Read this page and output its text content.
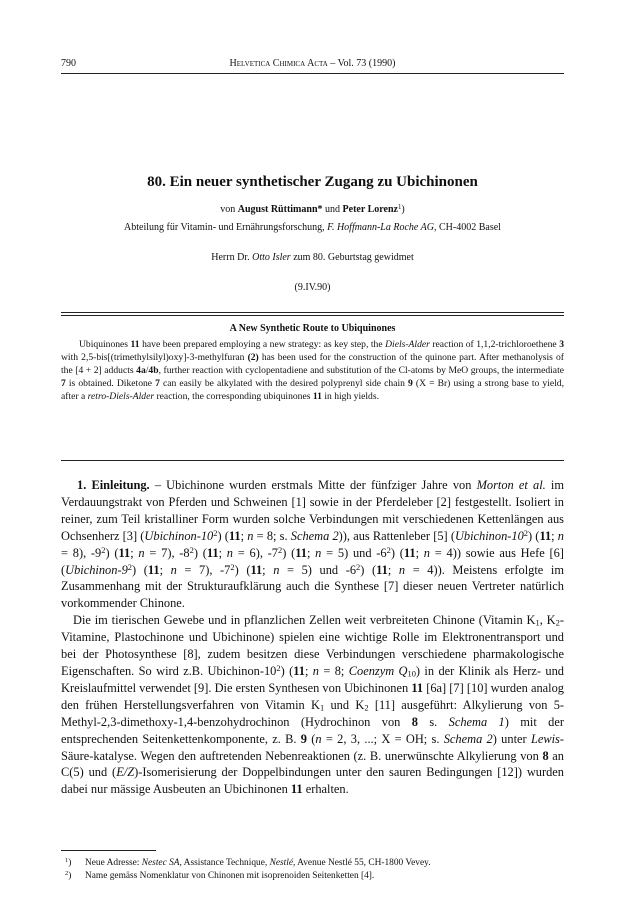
790	Helvetica Chimica Acta – Vol. 73 (1990)
80. Ein neuer synthetischer Zugang zu Ubichinonen
von August Rüttimann* und Peter Lorenz$^1$)
Abteilung für Vitamin- und Ernährungsforschung, F. Hoffmann-La Roche AG, CH-4002 Basel
Herrn Dr. Otto Isler zum 80. Geburtstag gewidmet
(9.IV.90)
A New Synthetic Route to Ubiquinones
Ubiquinones 11 have been prepared employing a new strategy: as key step, the Diels-Alder reaction of 1,1,2-trichloroethene 3 with 2,5-bis[(trimethylsilyl)oxy]-3-methylfuran (2) has been used for the construction of the quinone part. After methanolysis of the [4 + 2] adducts 4a/4b, further reaction with cyclopentadiene and substitution of the Cl-atoms by MeO groups, the intermediate 7 is obtained. Diketone 7 can easily be alkylated with the desired polyprenyl side chain 9 (X = Br) using a strong base to yield, after a retro-Diels-Alder reaction, the corresponding ubiquinones 11 in high yields.

1. Einleitung. – Ubichinone wurden erstmals Mitte der fünfziger Jahre von Morton et al. im Verdauungstrakt von Pferden und Schweinen [1] sowie in der Pferdeleber [2] festgestellt. Isoliert in reiner, zum Teil kristalliner Form wurden solche Verbindungen mit verschiedenen Kettenlängen aus Ochsenherz [3] $(Ubichinon-10^2)$ (11; n = 8; s. Schema 2)), aus Rattenleber [5] $(Ubichinon-10^2)$ (11; n = 8), $-9^2$) (11; n = 7), $-8^2$) (11; n = 6), $-7^2$) (11; n = 5) und $-6^2$) (11; n = 4)) sowie aus Hefe [6] $(Ubichinon-9^2)$ (11; n = 7), $-7^2$) (11; n = 5) und $-6^2$) (11; n = 4)). Meistens erfolgte im Zusammenhang mit der Strukturaufklärung auch die Synthese [7] dieser neuen Vertreter natürlich vorkommender Chinone.

Die im tierischen Gewebe und in pflanzlichen Zellen weit verbreiteten Chinone (Vitamin $K_1$, $K_2$-Vitamine, Plastochinone und Ubichinone) spielen eine wichtige Rolle im Elektronentransport und bei der Photosynthese [8], zudem besitzen diese Verbindungen verschiedene pharmakologische Eigenschaften. So wird z.B. Ubichinon-$10^2$) (11; n = 8; Coenzym $Q_{10}$) in der Klinik als Herz- und Kreislaufmittel verwendet [9]. Die ersten Synthesen von Ubichinonen 11 [6a] [7] [10] wurden analog den frühen Herstellungsverfahren von Vitamin $K_1$ und $K_2$ [11] ausgeführt: Alkylierung von 5-Methyl-2,3-dimethoxy-1,4-benzohydrochinon (Hydrochinon von 8 s. Schema 1) mit der entsprechenden Seitenkettenkomponente, z. B. 9 (n = 2, 3, ...; X = OH; s. Schema 2) unter Lewis-Säure-katalyse. Wegen den auftretenden Nebenreaktionen (z. B. unerwünschte Alkylierung von 8 an C(5) und (E/Z)-Isomerisierung der Doppelbindungen unter den sauren Bedingungen [12]) wurden dabei nur mässige Ausbeuten an Ubichinonen 11 erhalten.

$^1$) Neue Adresse: Nestec SA, Assistance Technique, Nestlé, Avenue Nestlé 55, CH-1800 Vevey.
$^2$) Name gemäss Nomenklatur von Chinonen mit isoprenoiden Seitenketten [4].
